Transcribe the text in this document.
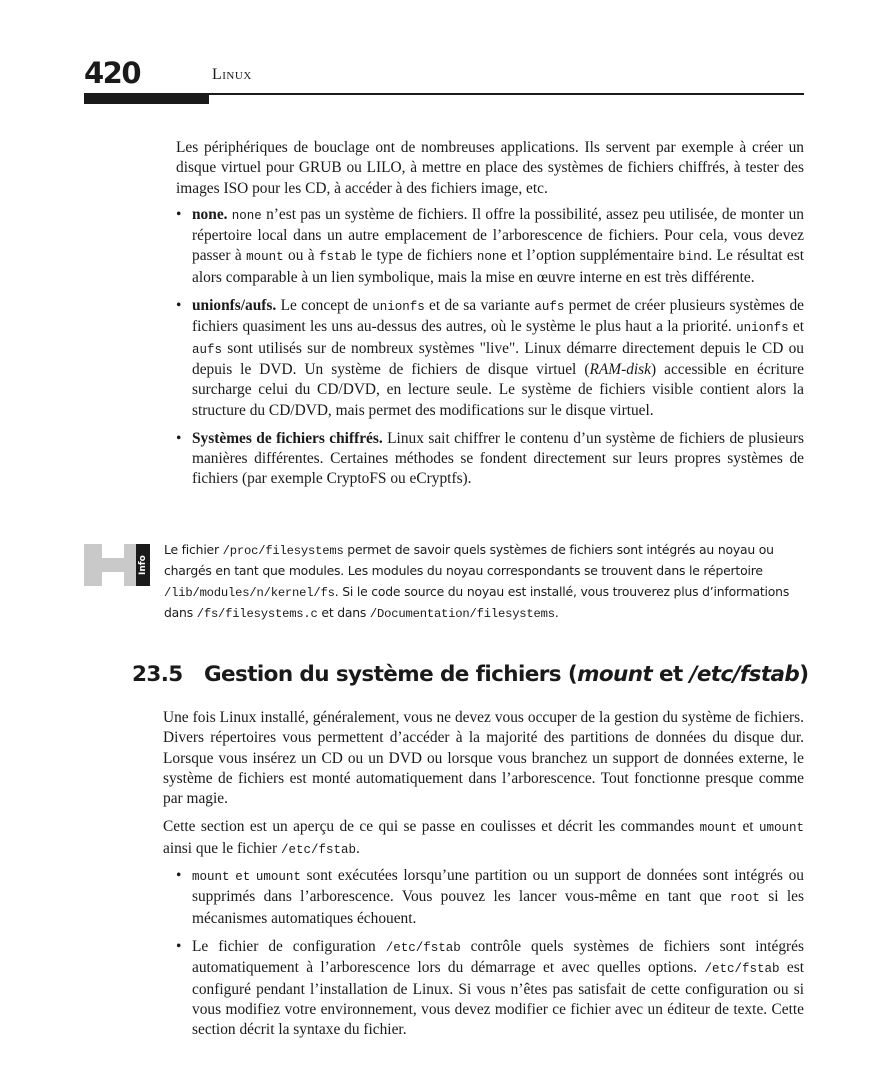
420	Linux

Les périphériques de bouclage ont de nombreuses applications. Ils servent par exemple à créer un disque virtuel pour GRUB ou LILO, à mettre en place des systèmes de fichiers chiffrés, à tester des images ISO pour les CD, à accéder à des fichiers image, etc.

• none. none n’est pas un système de fichiers. Il offre la possibilité, assez peu utilisée, de monter un répertoire local dans un autre emplacement de l’arborescence de fichiers. Pour cela, vous devez passer à mount ou à fstab le type de fichiers none et l’option supplémentaire bind. Le résultat est alors comparable à un lien symbolique, mais la mise en œuvre interne en est très différente.
• unionfs/aufs. Le concept de unionfs et de sa variante aufs permet de créer plusieurs systèmes de fichiers quasiment les uns au-dessus des autres, où le système le plus haut a la priorité. unionfs et aufs sont utilisés sur de nombreux systèmes "live". Linux démarre directement depuis le CD ou depuis le DVD. Un système de fichiers de disque virtuel (RAM-disk) accessible en écriture surcharge celui du CD/DVD, en lecture seule. Le système de fichiers visible contient alors la structure du CD/DVD, mais permet des modifications sur le disque virtuel.
• Systèmes de fichiers chiffrés. Linux sait chiffrer le contenu d’un système de fichiers de plusieurs manières différentes. Certaines méthodes se fondent directement sur leurs propres systèmes de fichiers (par exemple CryptoFS ou eCryptfs).
Info
Le fichier /proc/filesystems permet de savoir quels systèmes de fichiers sont intégrés au noyau ou chargés en tant que modules. Les modules du noyau correspondants se trouvent dans le répertoire /lib/modules/n/kernel/fs. Si le code source du noyau est installé, vous trouverez plus d’informations dans /fs/filesystems.c et dans /Documentation/filesystems.
23.5 Gestion du système de fichiers (mount et /etc/fstab)

Une fois Linux installé, généralement, vous ne devez vous occuper de la gestion du système de fichiers. Divers répertoires vous permettent d’accéder à la majorité des partitions de données du disque dur. Lorsque vous insérez un CD ou un DVD ou lorsque vous branchez un support de données externe, le système de fichiers est monté automatiquement dans l’arborescence. Tout fonctionne presque comme par magie.

Cette section est un aperçu de ce qui se passe en coulisses et décrit les commandes mount et umount ainsi que le fichier /etc/fstab.

• mount et umount sont exécutées lorsqu’une partition ou un support de données sont intégrés ou supprimés dans l’arborescence. Vous pouvez les lancer vous-même en tant que root si les mécanismes automatiques échouent.
• Le fichier de configuration /etc/fstab contrôle quels systèmes de fichiers sont intégrés automatiquement à l’arborescence lors du démarrage et avec quelles options. /etc/fstab est configuré pendant l’installation de Linux. Si vous n’êtes pas satisfait de cette configuration ou si vous modifiez votre environnement, vous devez modifier ce fichier avec un éditeur de texte. Cette section décrit la syntaxe du fichier.
